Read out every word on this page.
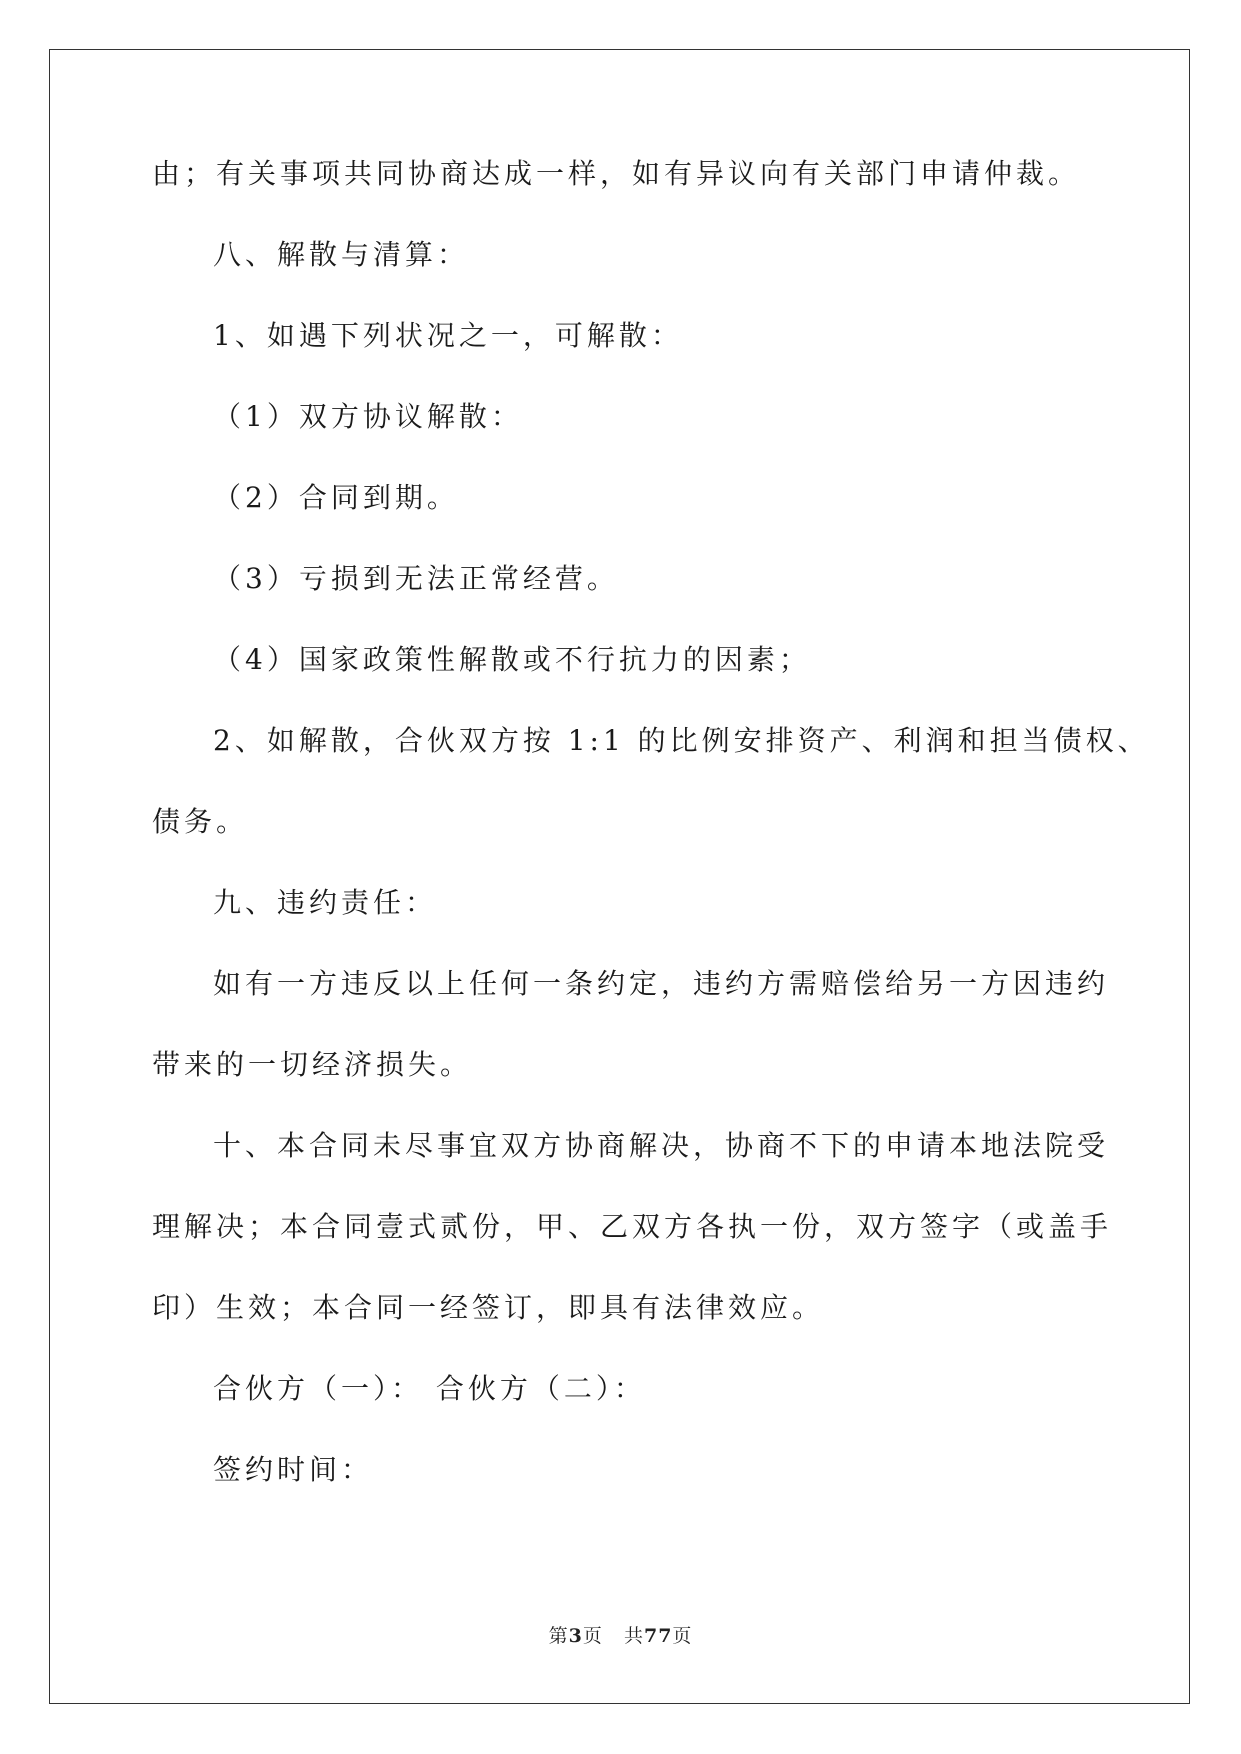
由；有关事项共同协商达成一样，如有异议向有关部门申请仲裁。
八、解散与清算：
1、如遇下列状况之一，可解散：
（1）双方协议解散：
（2）合同到期。
（3）亏损到无法正常经营。
（4）国家政策性解散或不行抗力的因素；
2、如解散，合伙双方按 1:1 的比例安排资产、利润和担当债权、
债务。
九、违约责任：
如有一方违反以上任何一条约定，违约方需赔偿给另一方因违约
带来的一切经济损失。
十、本合同未尽事宜双方协商解决，协商不下的申请本地法院受
理解决；本合同壹式贰份，甲、乙双方各执一份，双方签字（或盖手
印）生效；本合同一经签订，即具有法律效应。
合伙方（一）： 合伙方（二）：
签约时间：
第3页 共77页
